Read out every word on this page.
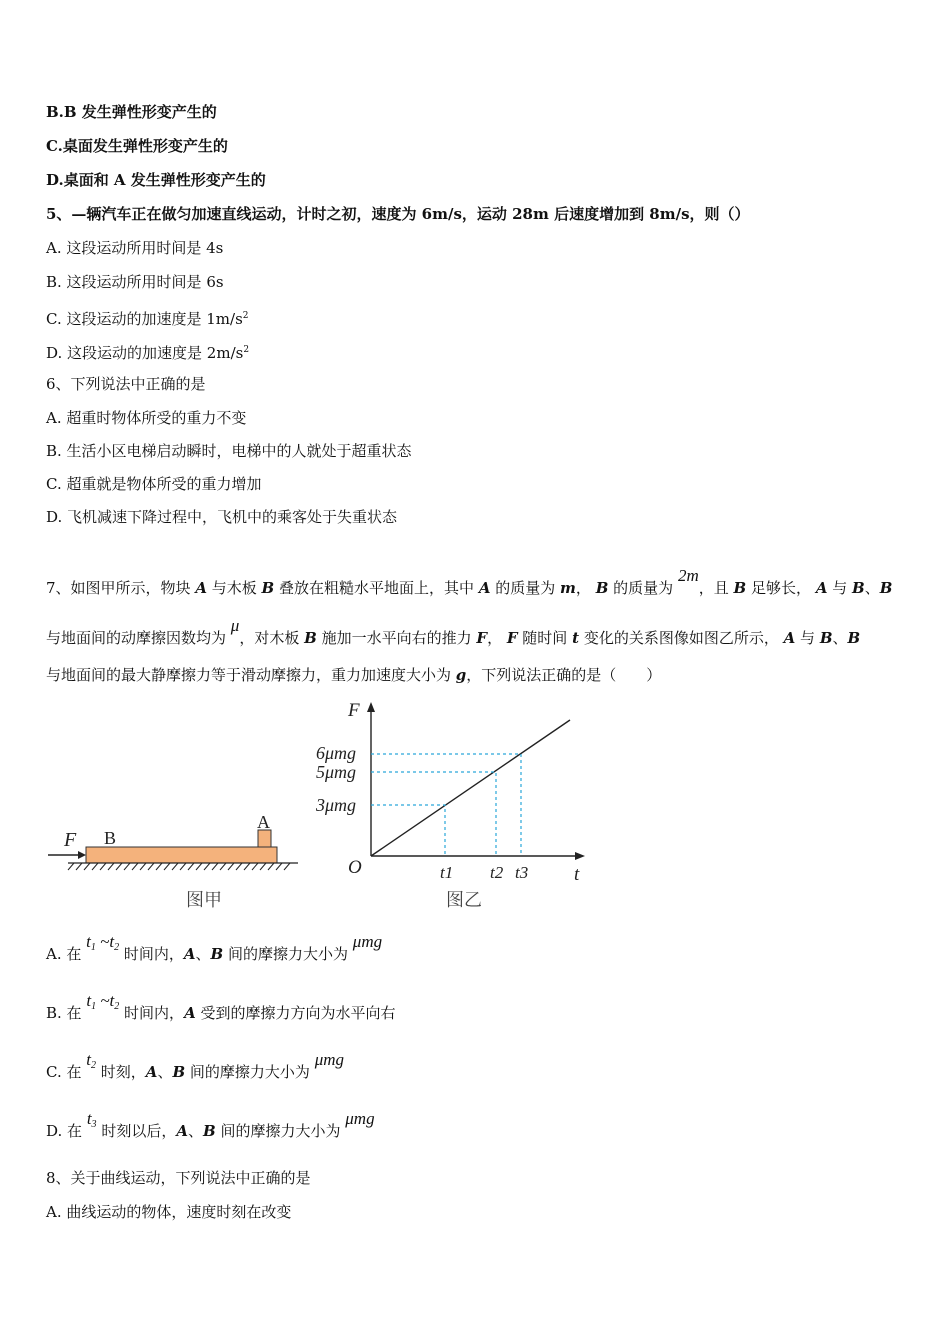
B.B 发生弹性形变产生的
C.桌面发生弹性形变产生的
D.桌面和 A 发生弹性形变产生的
5、—辆汽车正在做匀加速直线运动，计时之初，速度为 6m/s，运动 28m 后速度增加到 8m/s，则（）
A. 这段运动所用时间是 4s
B. 这段运动所用时间是 6s
C. 这段运动的加速度是 $1m/s^2$
D. 这段运动的加速度是 $2m/s^2$
6、下列说法中正确的是
A. 超重时物体所受的重力不变
B. 生活小区电梯启动瞬时，电梯中的人就处于超重状态
C. 超重就是物体所受的重力增加
D. 飞机减速下降过程中，飞机中的乘客处于失重状态
7、如图甲所示，物块 A 与木板 B 叠放在粗糙水平地面上，其中 A 的质量为 m， B 的质量为 2m，且 B 足够长， A 与 B、B
与地面间的动摩擦因数均为 μ，对木板 B 施加一水平向右的推力 F， F 随时间 t 变化的关系图像如图乙所示， A 与 B、B
与地面间的最大静摩擦力等于滑动摩擦力，重力加速度大小为 g，下列说法正确的是（　　）
F B
A
图甲
F
t
O
6μmg
5μmg
3μmg
t1 t2 t3
图乙
A. 在 t1 ~t2 时间内，A、B 间的摩擦力大小为 μmg
B. 在 t1 ~t2 时间内，A 受到的摩擦力方向为水平向右
C. 在 t2 时刻，A、B 间的摩擦力大小为 μmg
D. 在 t3 时刻以后，A、B 间的摩擦力大小为 μmg
8、关于曲线运动，下列说法中正确的是
A. 曲线运动的物体，速度时刻在改变
